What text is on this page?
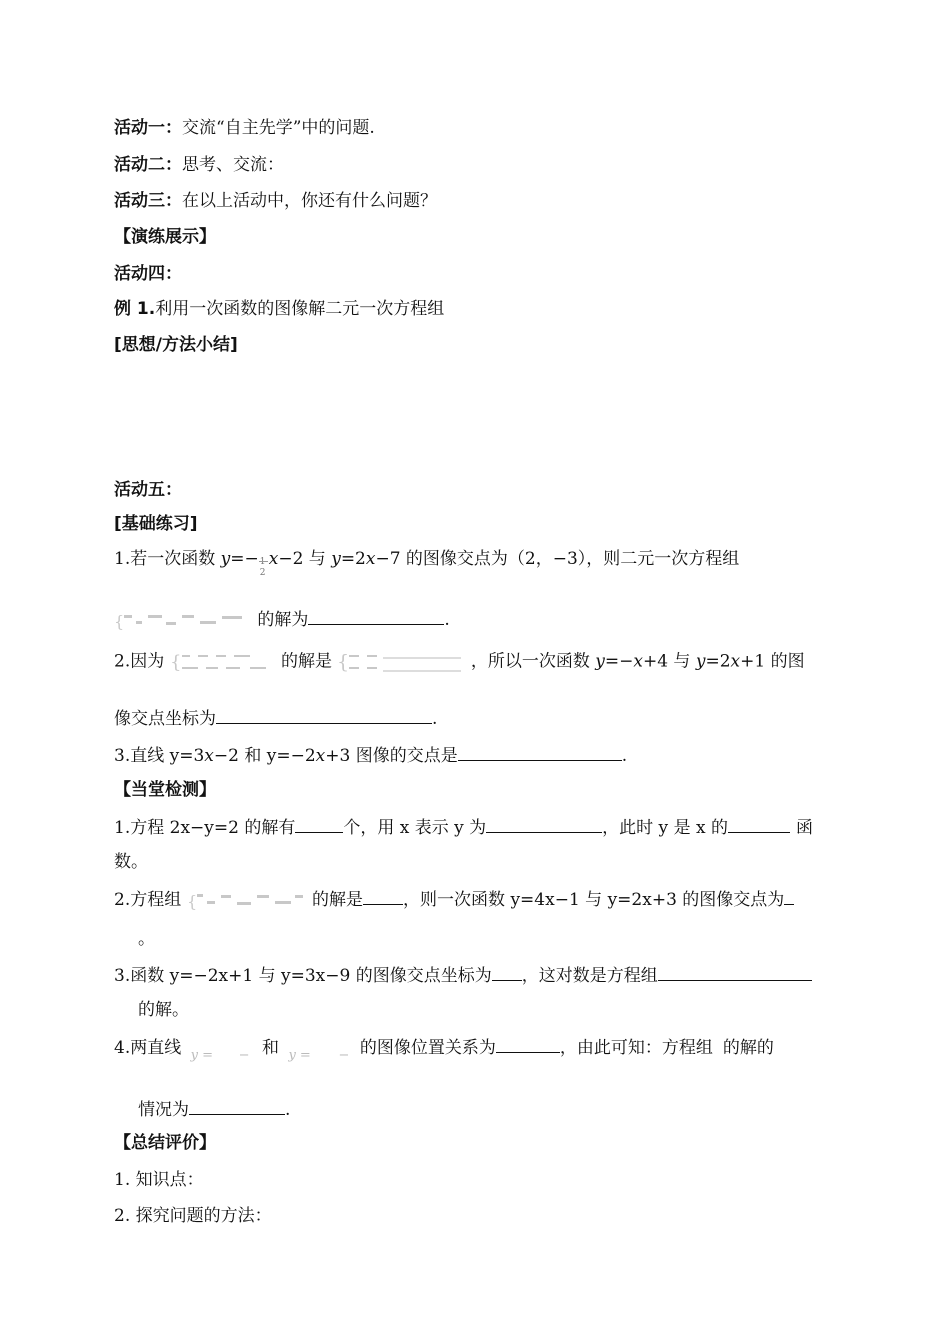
活动一：交流“自主先学”中的问题.
活动二：思考、交流：
活动三：在以上活动中，你还有什么问题？
【演练展示】
活动四：
例 1.利用一次函数的图像解二元一次方程组
[思想/方法小结]
活动五：
[基础练习]
1.若一次函数 y=− 1
2
x−2 与 y=2x−7 的图像交点为（2，−3），则二元一次方程组
{	的解为	.
2.因为 {	的解是 {	，所以一次函数 y=−x+4 与 y=2x+1 的图
像交点坐标为	.
3.直线 y=3x−2 和 y=−2x+3 图像的交点是	.
【当堂检测】
1.方程 2x−y=2 的解有	个，用 x 表示 y 为	，此时 y 是 x 的	函
数。
2.方程组 {	的解是 ，则一次函数 y=4x−1 与 y=2x+3 的图像交点为
。
3.函数 y=−2x+1 与 y=3x−9 的图像交点坐标为 ，这对数是方程组
的解。
4.两直线 y = − 和 y = − 的图像位置关系为	，由此可知：方程组 的解的
情况为	.
【总结评价】
1. 知识点：
2. 探究问题的方法：
